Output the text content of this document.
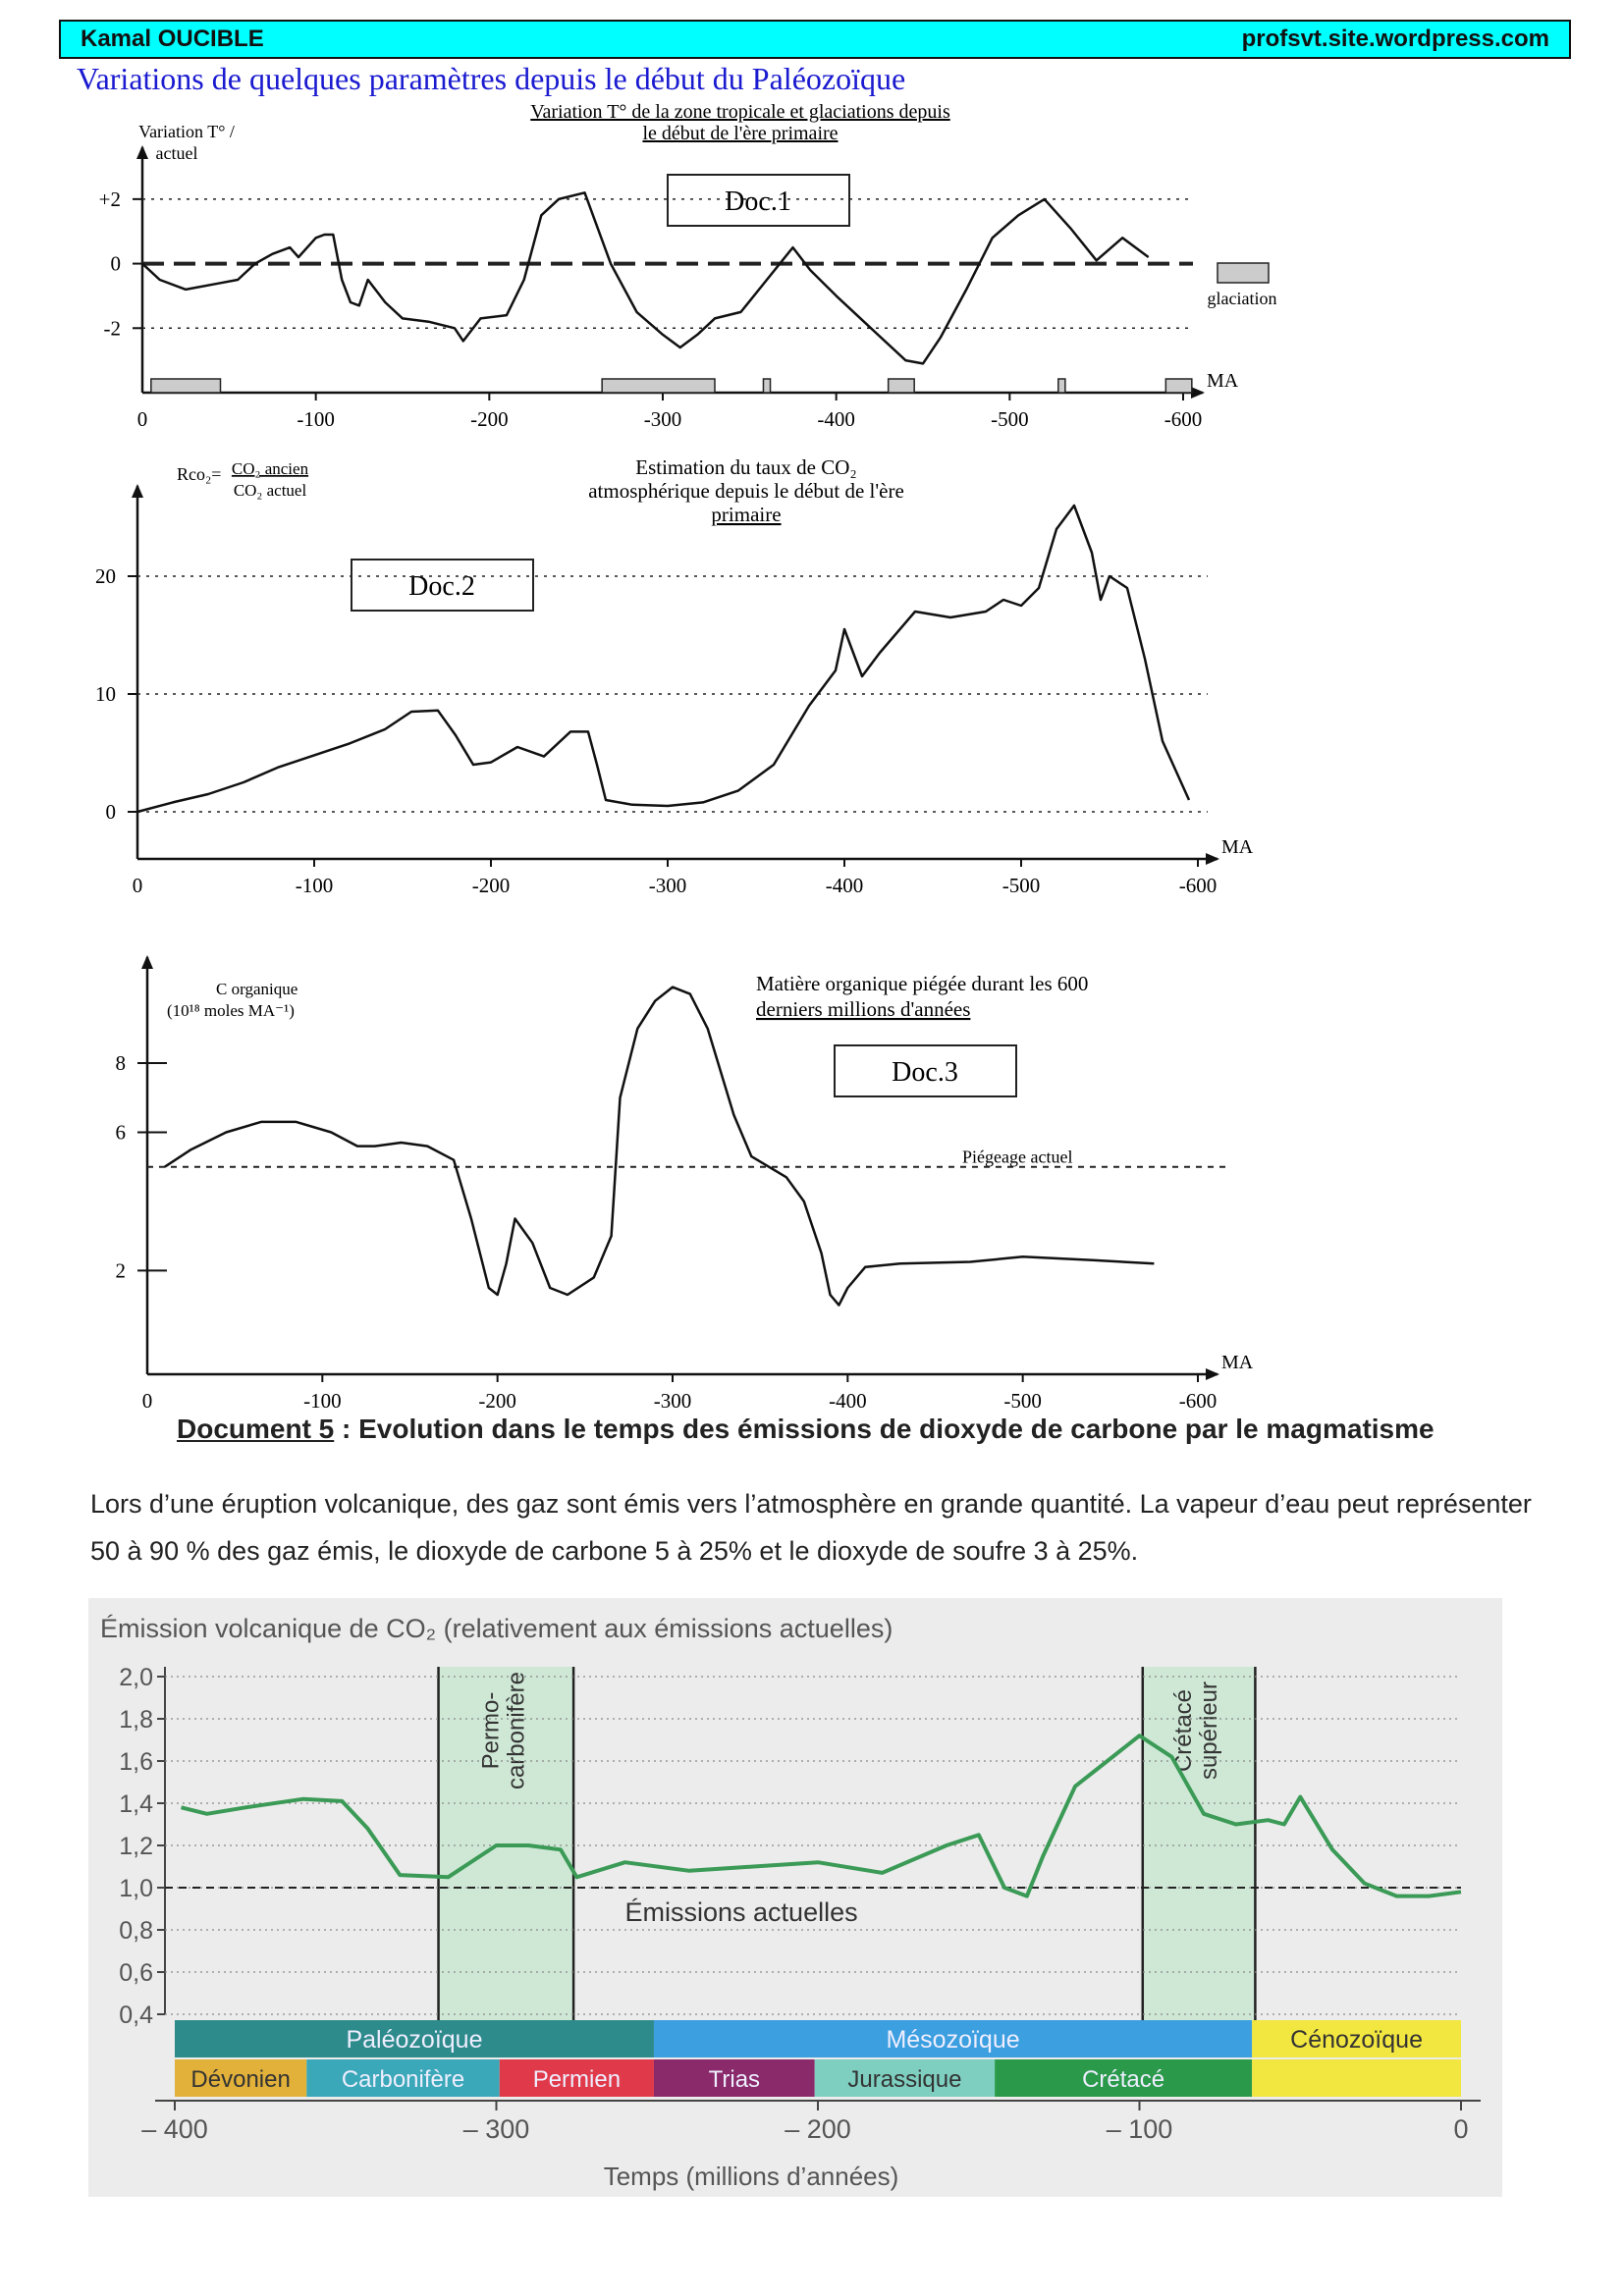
Kamal OUCIBLE	profsvt.site.wordpress.com
Variations de quelques paramètres depuis le début du Paléozoïque
Variation T° de la zone tropicale et glaciations depuis
le début de l'ère primaire
Variation T° /
actuel
Doc.1
glaciation
MA
0	-100	-200	-300	-400	-500	-600
+2
0
-2
Estimation du taux de CO₂
atmosphérique depuis le début de l'ère
primaire
Rco₂= CO₂ ancien
CO₂ actuel
Doc.2
MA
0	-100	-200	-300	-400	-500	-600
0
10
20
Matière organique piégée durant les 600
derniers millions d'années
C organique
(10¹⁸ moles MA⁻¹)
Doc.3
MA
0	-100	-200	-300	-400	-500	-600
2
6
8
Piégeage actuel
Document 5 : Evolution dans le temps des émissions de dioxyde de carbone par le magmatisme
Lors d’une éruption volcanique, des gaz sont émis vers l’atmosphère en grande quantité. La vapeur d’eau peut représenter 50 à 90 % des gaz émis, le dioxyde de carbone 5 à 25% et le dioxyde de soufre 3 à 25%.
Émission volcanique de CO₂ (relativement aux émissions actuelles)
Temps (millions d’années)
Permo- carbonifère	Crétacé supérieur
0,4
0,6
0,8
1,0
1,2
1,4
1,6
1,8
2,0
Émissions actuelles
Paléozoïque	Mésozoïque	Cénozoïque
Dévonien Carbonifère	Permien	Trias	Jurassique	Crétacé
– 400	– 300	– 200	– 100	0
